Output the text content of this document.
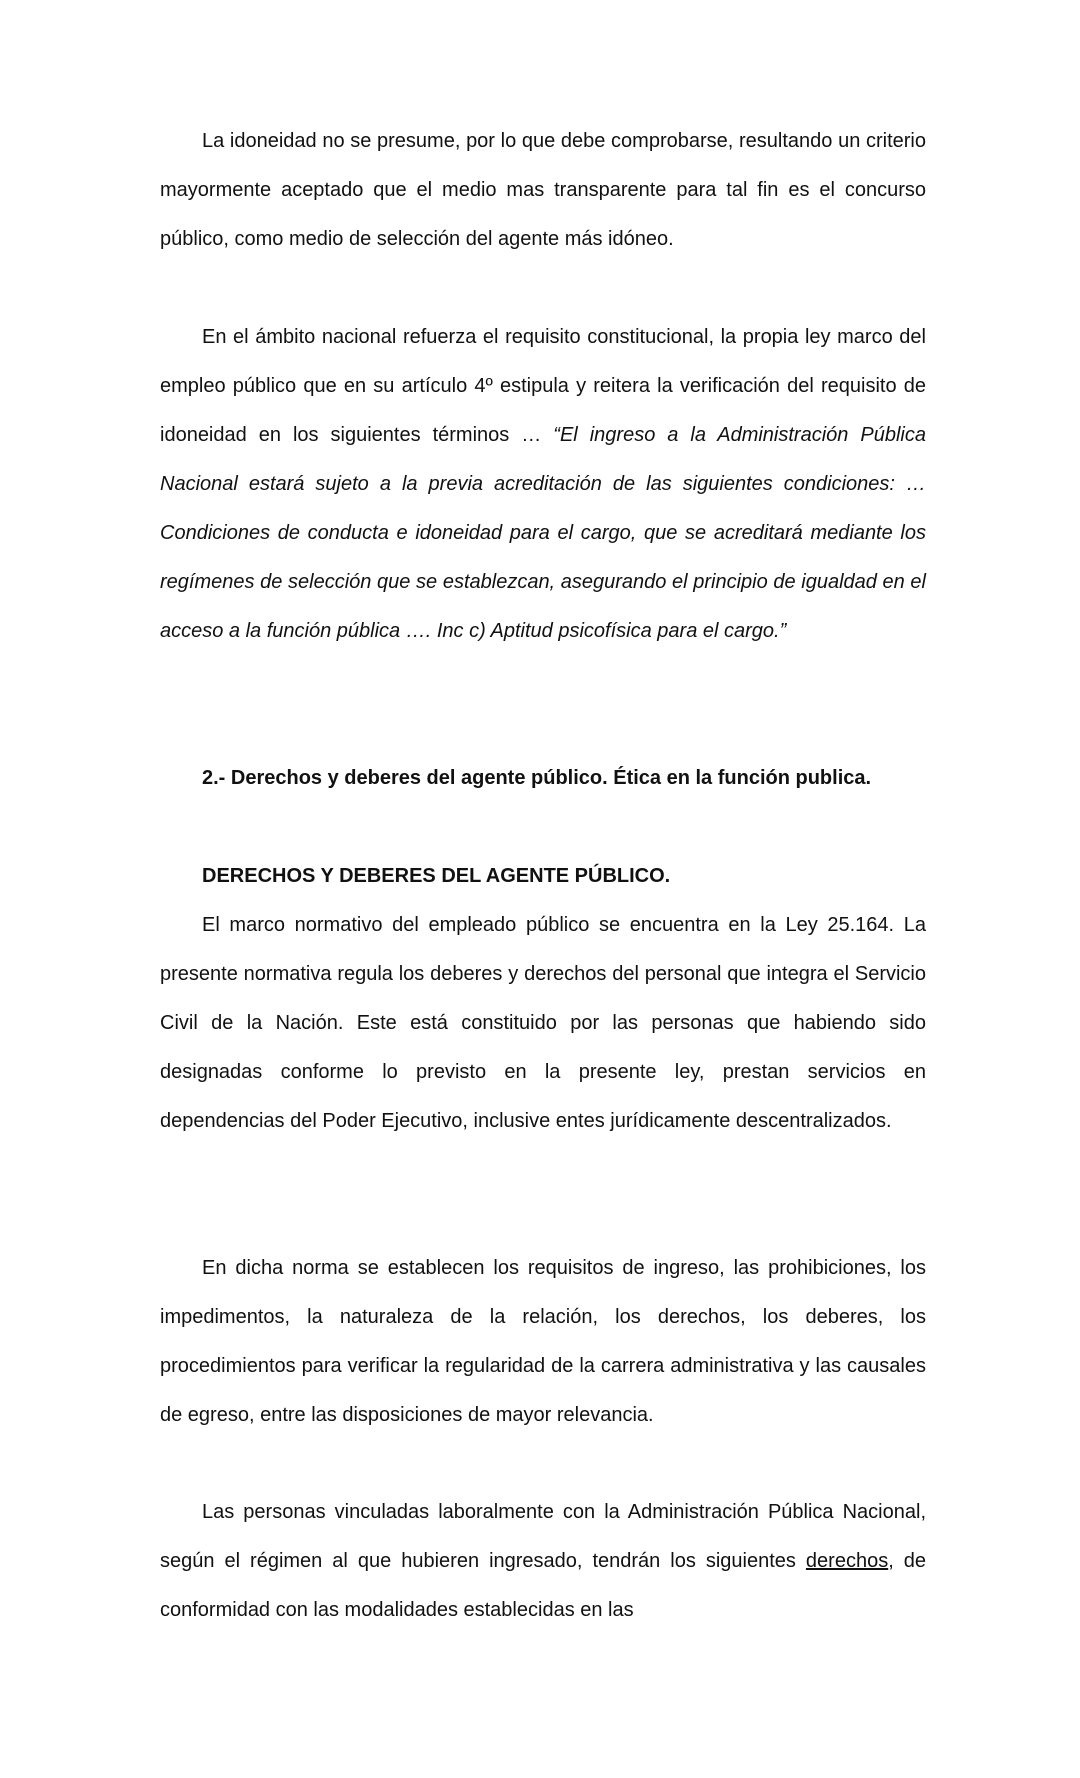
La idoneidad no se presume, por lo que debe comprobarse, resultando un criterio mayormente aceptado que el medio mas transparente para tal fin es el concurso público, como medio de selección del agente más idóneo.

En el ámbito nacional refuerza el requisito constitucional, la propia ley marco del empleo público que en su artículo 4º estipula y reitera la verificación del requisito de idoneidad en los siguientes términos … “El ingreso a la Administración Pública Nacional estará sujeto a la previa acreditación de las siguientes condiciones: …Condiciones de conducta e idoneidad para el cargo, que se acreditará mediante los regímenes de selección que se establezcan, asegurando el principio de igualdad en el acceso a la función pública …. Inc c) Aptitud psicofísica para el cargo.”

2.- Derechos y deberes del agente público. Ética en la función publica.

DERECHOS Y DEBERES DEL AGENTE PÚBLICO.

El marco normativo del empleado público se encuentra en la Ley 25.164. La presente normativa regula los deberes y derechos del personal que integra el Servicio Civil de la Nación. Este está constituido por las personas que habiendo sido designadas conforme lo previsto en la presente ley, prestan servicios en dependencias del Poder Ejecutivo, inclusive entes jurídicamente descentralizados.

En dicha norma se establecen los requisitos de ingreso, las prohibiciones, los impedimentos, la naturaleza de la relación, los derechos, los deberes, los procedimientos para verificar la regularidad de la carrera administrativa y las causales de egreso, entre las disposiciones de mayor relevancia.

Las personas vinculadas laboralmente con la Administración Pública Nacional, según el régimen al que hubieren ingresado, tendrán los siguientes derechos, de conformidad con las modalidades establecidas en las
